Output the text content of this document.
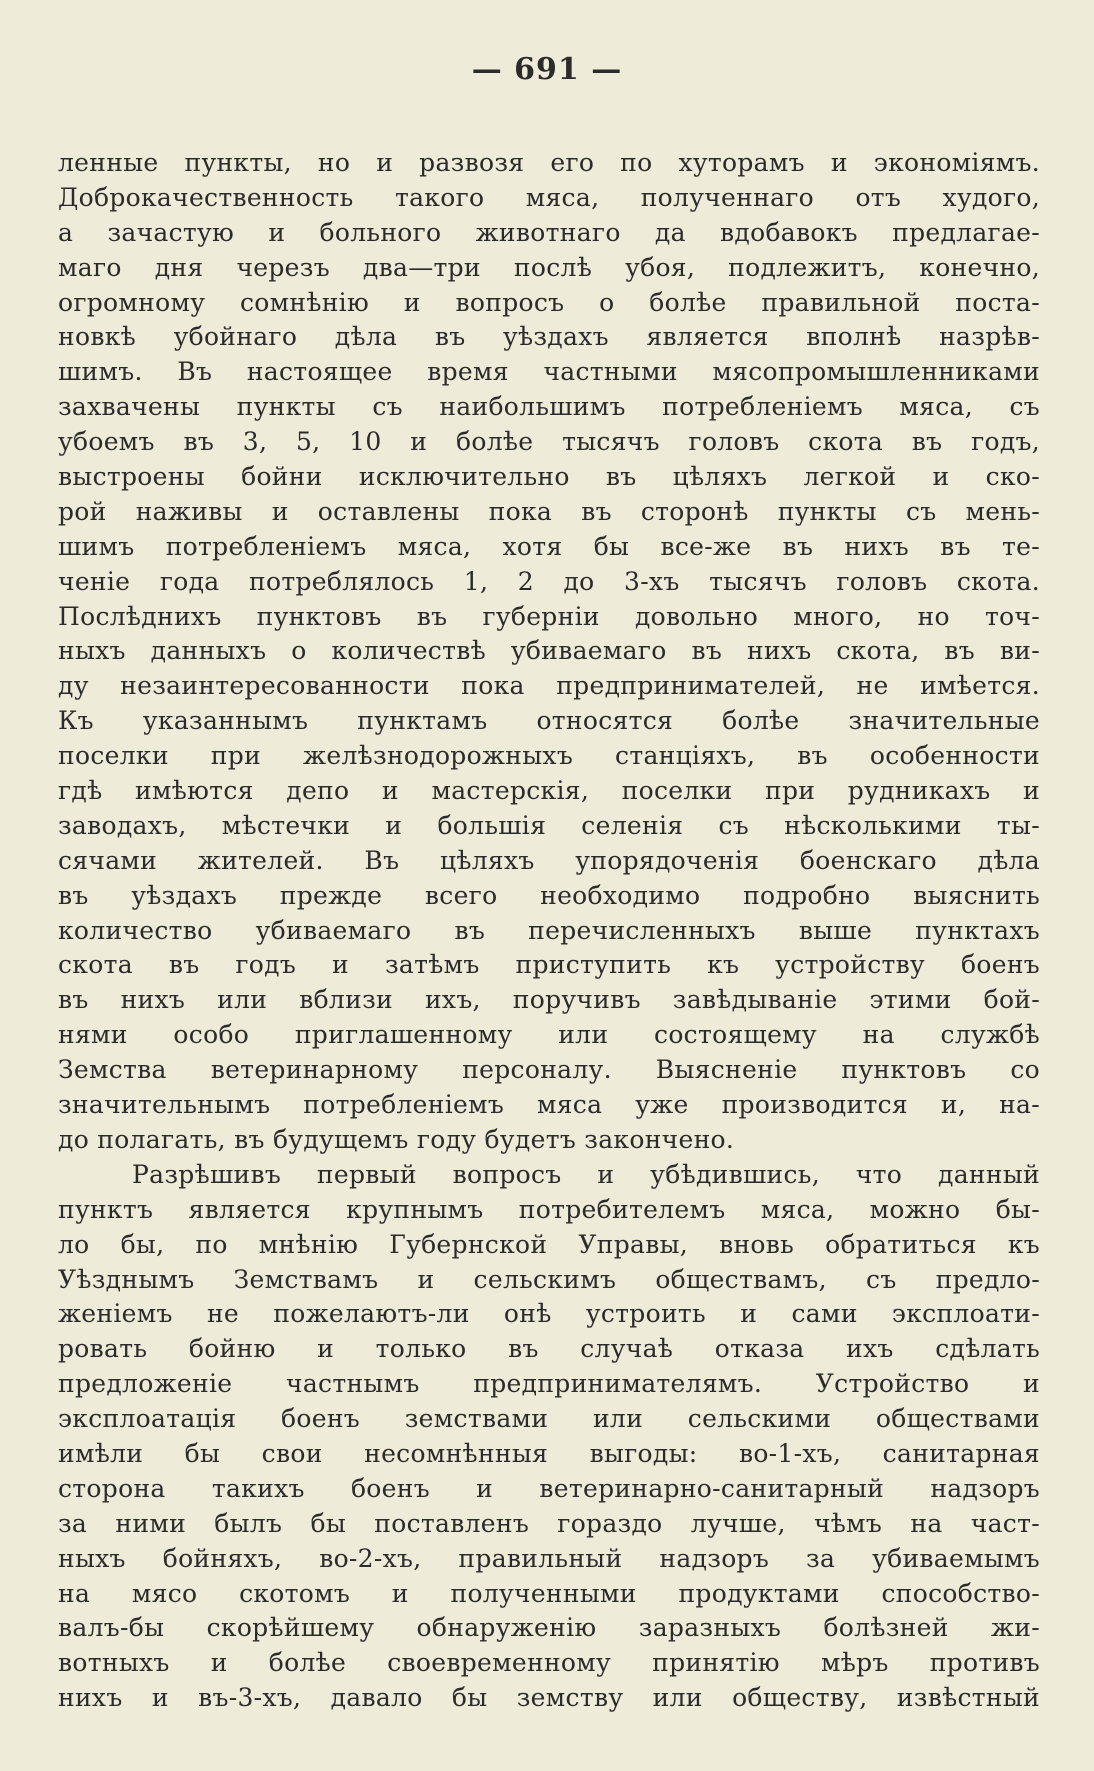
— 691 —
ленные пункты, но и развозя его по хуторамъ и экономіямъ.
Доброкачественность такого мяса, полученнаго отъ худого,
а зачастую и больного животнаго да вдобавокъ предлагае-
маго дня черезъ два—три послѣ убоя, подлежитъ, конечно,
огромному сомнѣнію и вопросъ о болѣе правильной поста-
новкѣ убойнаго дѣла въ уѣздахъ является вполнѣ назрѣв-
шимъ. Въ настоящее время частными мясопромышленниками
захвачены пункты съ наибольшимъ потребленіемъ мяса, съ
убоемъ въ 3, 5, 10 и болѣе тысячъ головъ скота въ годъ,
выстроены бойни исключительно въ цѣляхъ легкой и ско-
рой наживы и оставлены пока въ сторонѣ пункты съ мень-
шимъ потребленіемъ мяса, хотя бы все-же въ нихъ въ те-
ченіе года потреблялось 1, 2 до 3-хъ тысячъ головъ скота.
Послѣднихъ пунктовъ въ губерніи довольно много, но точ-
ныхъ данныхъ о количествѣ убиваемаго въ нихъ скота, въ ви-
ду незаинтересованности пока предпринимателей, не имѣется.
Къ указаннымъ пунктамъ относятся болѣе значительные
поселки при желѣзнодорожныхъ станціяхъ, въ особенности
гдѣ имѣются депо и мастерскія, поселки при рудникахъ и
заводахъ, мѣстечки и большія селенія съ нѣсколькими ты-
сячами жителей. Въ цѣляхъ упорядоченія боенскаго дѣла
въ уѣздахъ прежде всего необходимо подробно выяснить
количество убиваемаго въ перечисленныхъ выше пунктахъ
скота въ годъ и затѣмъ приступить къ устройству боенъ
въ нихъ или вблизи ихъ, поручивъ завѣдываніе этими бой-
нями особо приглашенному или состоящему на службѣ
Земства ветеринарному персоналу. Выясненіе пунктовъ со
значительнымъ потребленіемъ мяса уже производится и, на-
до полагать, въ будущемъ году будетъ закончено.
Разрѣшивъ первый вопросъ и убѣдившись, что данный
пунктъ является крупнымъ потребителемъ мяса, можно бы-
ло бы, по мнѣнію Губернской Управы, вновь обратиться къ
Уѣзднымъ Земствамъ и сельскимъ обществамъ, съ предло-
женіемъ не пожелаютъ-ли онѣ устроить и сами эксплоати-
ровать бойню и только въ случаѣ отказа ихъ сдѣлать
предложеніе частнымъ предпринимателямъ. Устройство и
эксплоатація боенъ земствами или сельскими обществами
имѣли бы свои несомнѣнныя выгоды: во-1-хъ, санитарная
сторона такихъ боенъ и ветеринарно-санитарный надзоръ
за ними былъ бы поставленъ гораздо лучше, чѣмъ на част-
ныхъ бойняхъ, во-2-хъ, правильный надзоръ за убиваемымъ
на мясо скотомъ и полученными продуктами способство-
валъ-бы скорѣйшему обнаруженію заразныхъ болѣзней жи-
вотныхъ и болѣе своевременному принятію мѣръ противъ
нихъ и въ-3-хъ, давало бы земству или обществу, извѣстный
